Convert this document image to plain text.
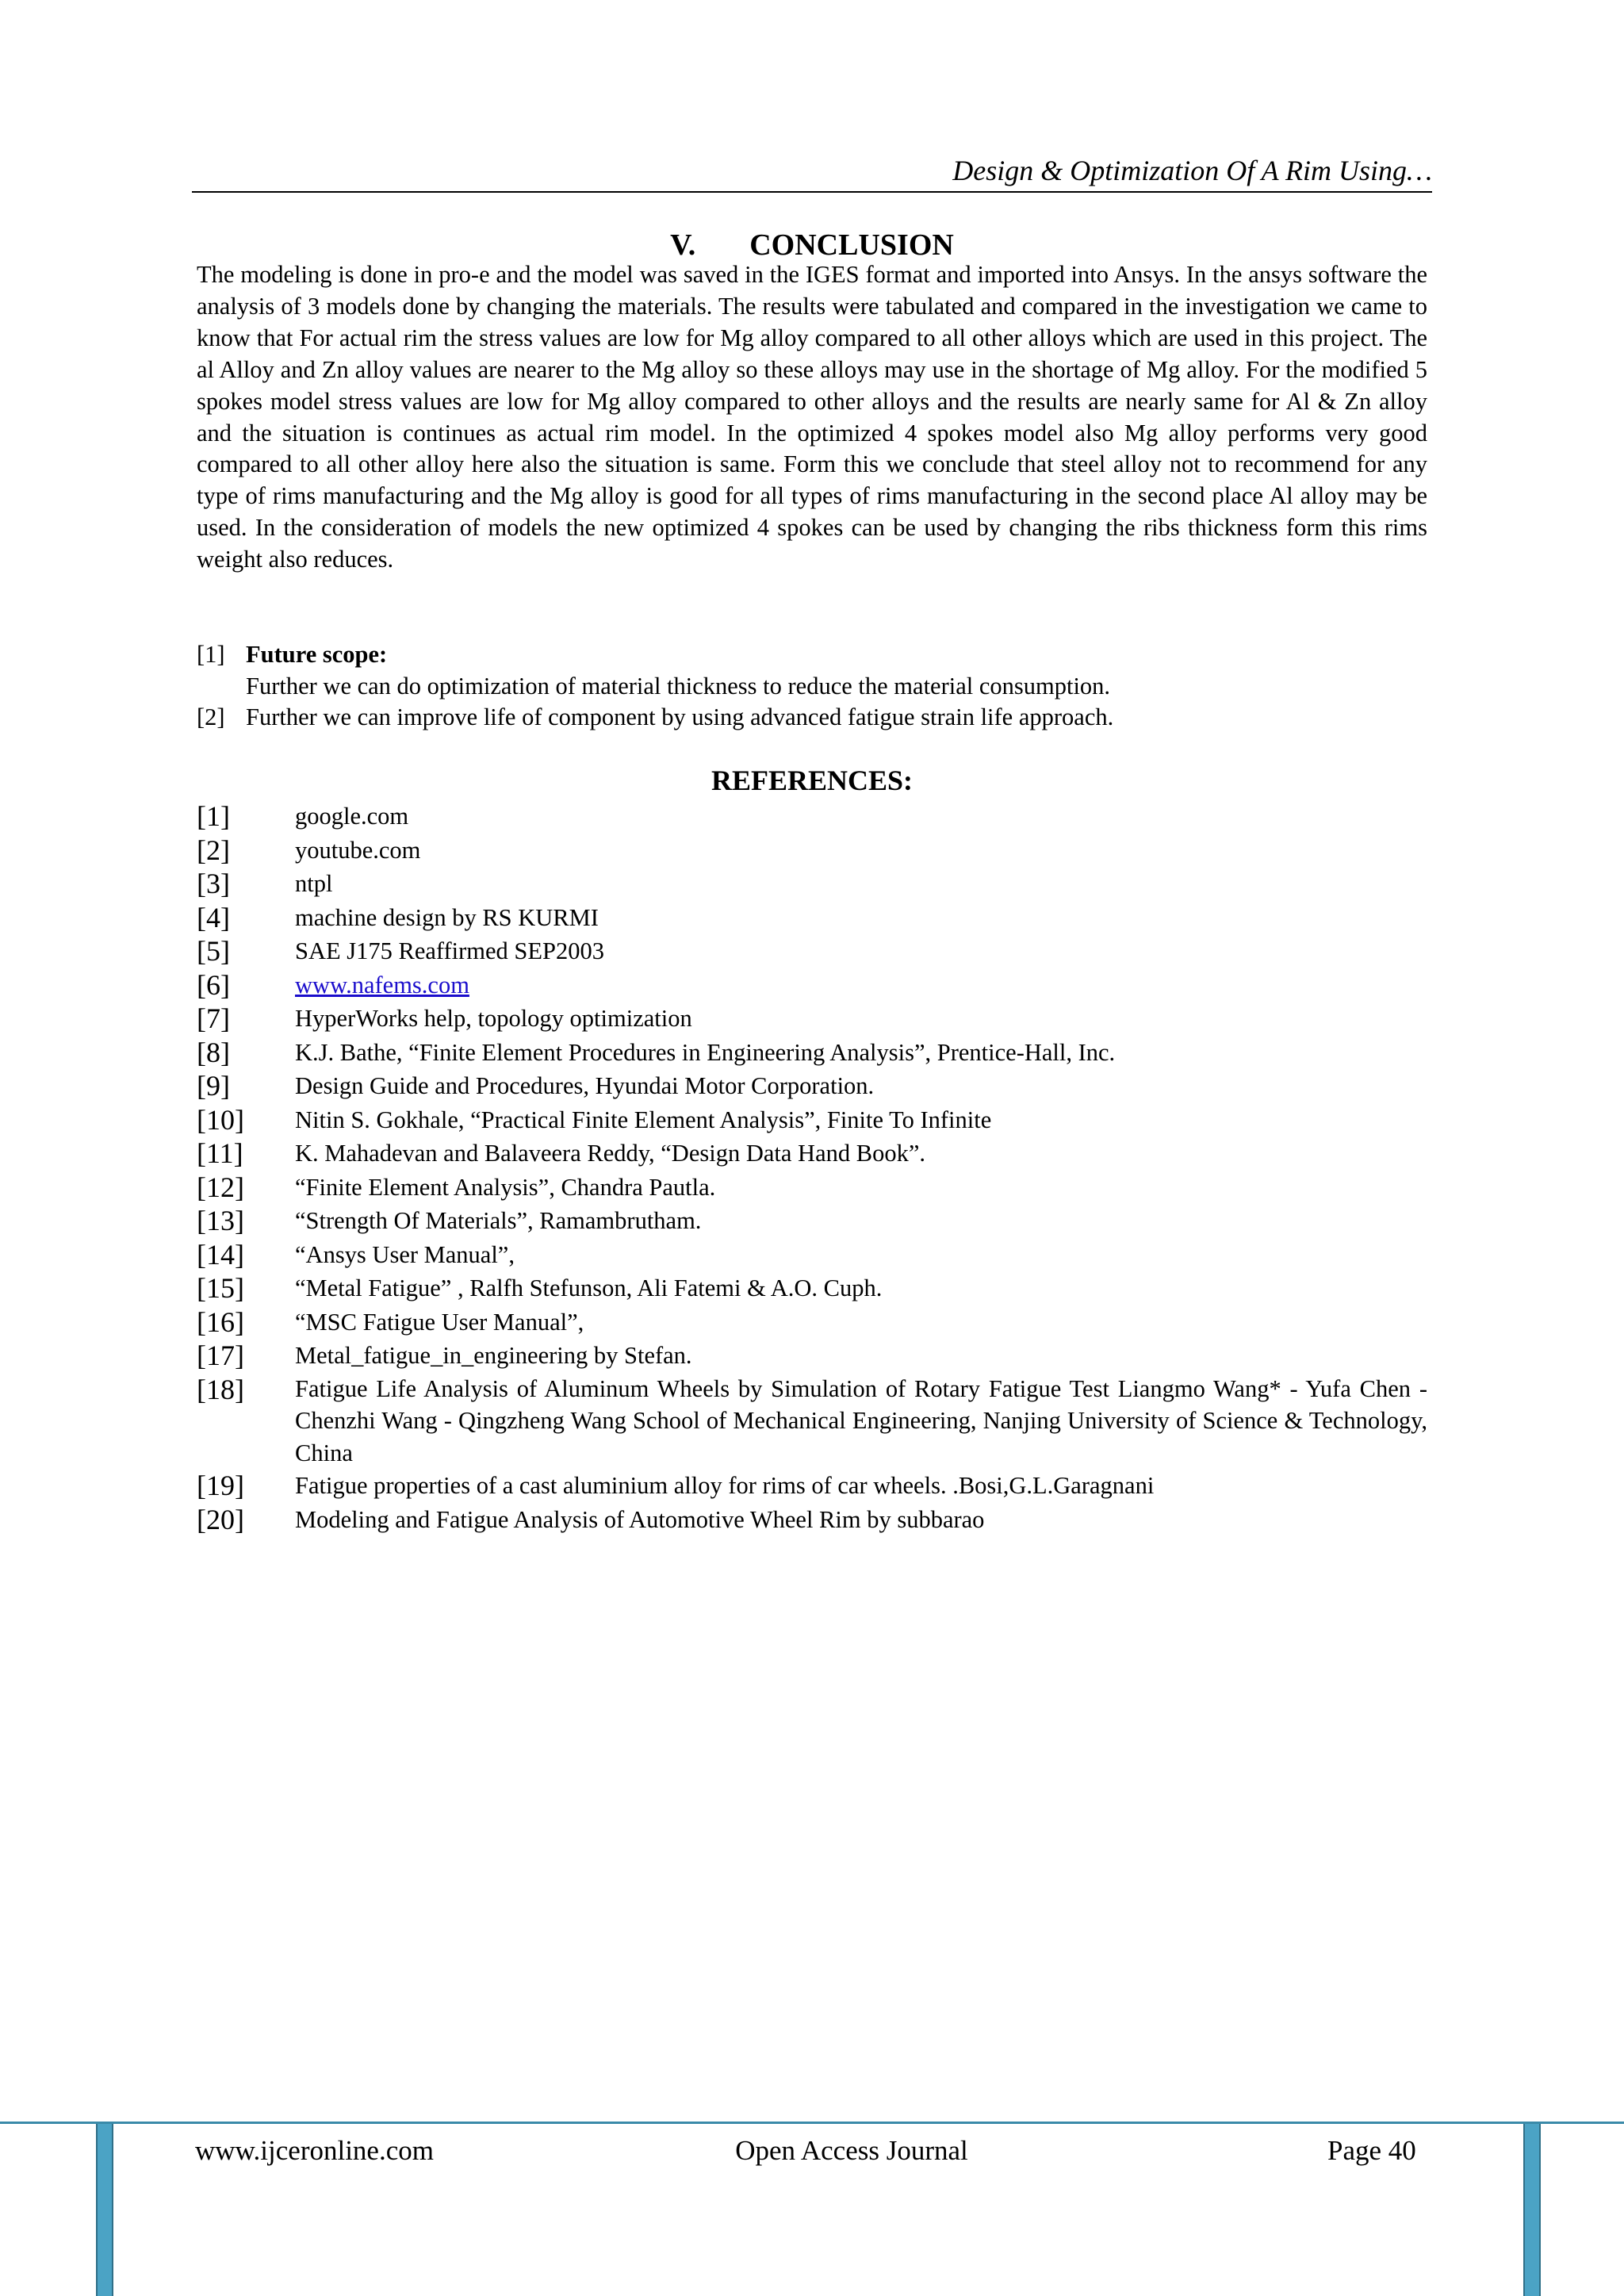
Design & Optimization Of A Rim Using…
V. CONCLUSION

The modeling is done in pro-e and the model was saved in the IGES format and imported into Ansys. In the ansys software the analysis of 3 models done by changing the materials. The results were tabulated and compared in the investigation we came to know that For actual rim the stress values are low for Mg alloy compared to all other alloys which are used in this project. The al Alloy and Zn alloy values are nearer to the Mg alloy so these alloys may use in the shortage of Mg alloy. For the modified 5 spokes model stress values are low for Mg alloy compared to other alloys and the results are nearly same for Al & Zn alloy and the situation is continues as actual rim model. In the optimized 4 spokes model also Mg alloy performs very good compared to all other alloy here also the situation is same. Form this we conclude that steel alloy not to recommend for any type of rims manufacturing and the Mg alloy is good for all types of rims manufacturing in the second place Al alloy may be used. In the consideration of models the new optimized 4 spokes can be used by changing the ribs thickness form this rims weight also reduces.

[1] Future scope:
Further we can do optimization of material thickness to reduce the material consumption.
[2] Further we can improve life of component by using advanced fatigue strain life approach.
REFERENCES:
[1]	google.com
[2]	youtube.com
[3]	ntpl
[4]	machine design by RS KURMI
[5]	SAE J175 Reaffirmed SEP2003
[6]	www.nafems.com
[7]	HyperWorks help, topology optimization
[8]	K.J. Bathe, “Finite Element Procedures in Engineering Analysis”, Prentice-Hall, Inc.
[9]	Design Guide and Procedures, Hyundai Motor Corporation.
[10] Nitin S. Gokhale, “Practical Finite Element Analysis”, Finite To Infinite
[11] K. Mahadevan and Balaveera Reddy, “Design Data Hand Book”.
[12] “Finite Element Analysis”, Chandra Pautla.
[13] “Strength Of Materials”, Ramambrutham.
[14] “Ansys User Manual”,
[15] “Metal Fatigue” , Ralfh Stefunson, Ali Fatemi & A.O. Cuph.
[16] “MSC Fatigue User Manual”,
[17] Metal_fatigue_in_engineering by Stefan.
[18] Fatigue Life Analysis of Aluminum Wheels by Simulation of Rotary Fatigue Test Liangmo Wang* - Yufa Chen - Chenzhi Wang - Qingzheng Wang School of Mechanical Engineering, Nanjing University of Science & Technology, China
[19] Fatigue properties of a cast aluminium alloy for rims of car wheels. .Bosi,G.L.Garagnani
[20] Modeling and Fatigue Analysis of Automotive Wheel Rim by subbarao
www.ijceronline.com	Open Access Journal	Page 40
